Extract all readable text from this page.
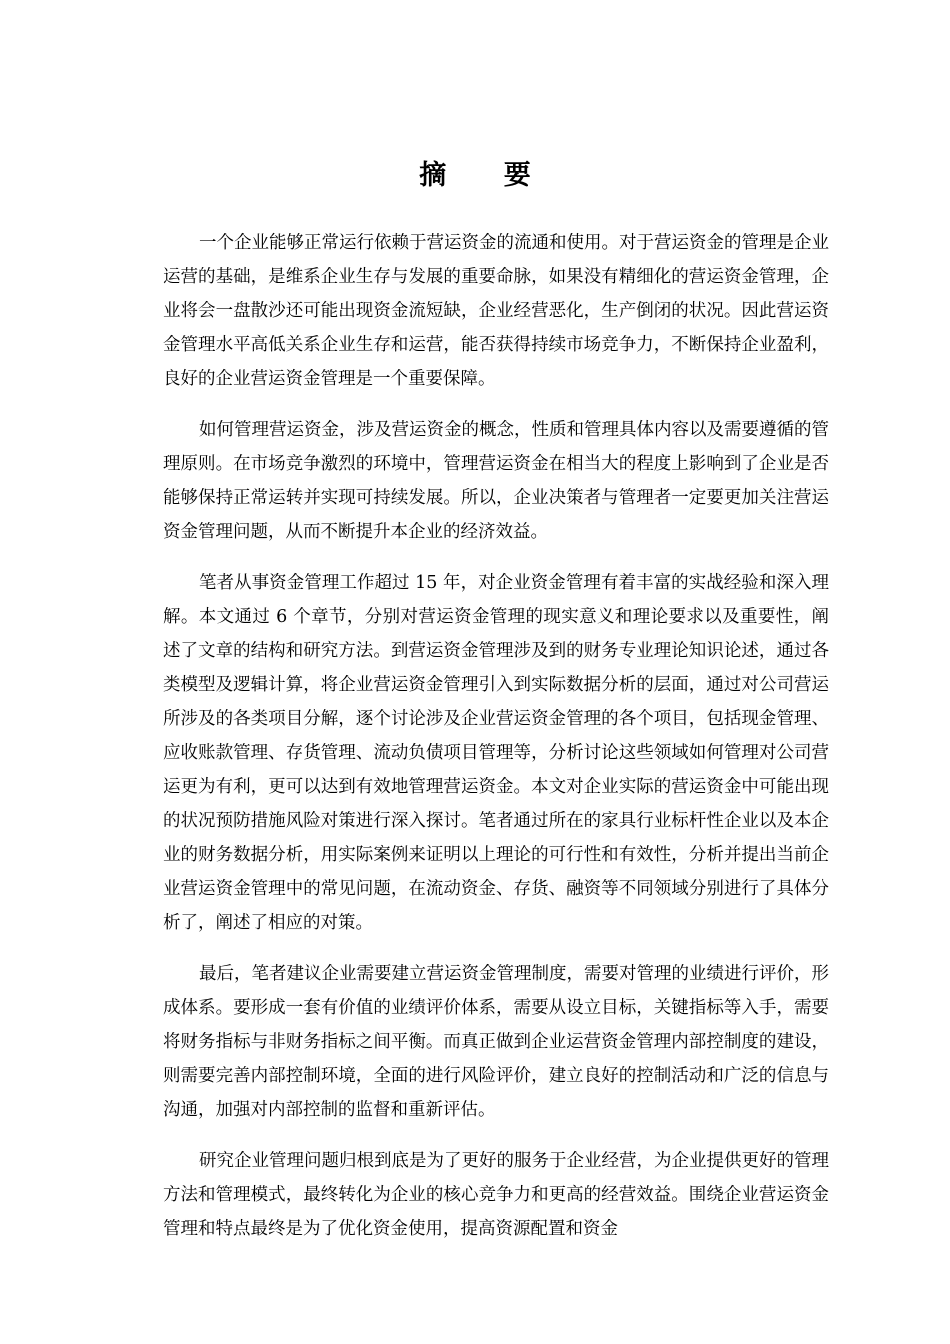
摘 要

一个企业能够正常运行依赖于营运资金的流通和使用。对于营运资金的管理是企业运营的基础，是维系企业生存与发展的重要命脉，如果没有精细化的营运资金管理，企业将会一盘散沙还可能出现资金流短缺，企业经营恶化，生产倒闭的状况。因此营运资金管理水平高低关系企业生存和运营，能否获得持续市场竞争力，不断保持企业盈利，良好的企业营运资金管理是一个重要保障。

如何管理营运资金，涉及营运资金的概念，性质和管理具体内容以及需要遵循的管理原则。在市场竞争激烈的环境中，管理营运资金在相当大的程度上影响到了企业是否能够保持正常运转并实现可持续发展。所以，企业决策者与管理者一定要更加关注营运资金管理问题，从而不断提升本企业的经济效益。

笔者从事资金管理工作超过 15 年，对企业资金管理有着丰富的实战经验和深入理解。本文通过 6 个章节，分别对营运资金管理的现实意义和理论要求以及重要性，阐述了文章的结构和研究方法。到营运资金管理涉及到的财务专业理论知识论述，通过各类模型及逻辑计算，将企业营运资金管理引入到实际数据分析的层面，通过对公司营运所涉及的各类项目分解，逐个讨论涉及企业营运资金管理的各个项目，包括现金管理、应收账款管理、存货管理、流动负债项目管理等，分析讨论这些领域如何管理对公司营运更为有利，更可以达到有效地管理营运资金。本文对企业实际的营运资金中可能出现的状况预防措施风险对策进行深入探讨。笔者通过所在的家具行业标杆性企业以及本企业的财务数据分析，用实际案例来证明以上理论的可行性和有效性，分析并提出当前企业营运资金管理中的常见问题，在流动资金、存货、融资等不同领域分别进行了具体分析了，阐述了相应的对策。

最后，笔者建议企业需要建立营运资金管理制度，需要对管理的业绩进行评价，形成体系。要形成一套有价值的业绩评价体系，需要从设立目标，关键指标等入手，需要将财务指标与非财务指标之间平衡。而真正做到企业运营资金管理内部控制度的建设，则需要完善内部控制环境，全面的进行风险评价，建立良好的控制活动和广泛的信息与沟通，加强对内部控制的监督和重新评估。

研究企业管理问题归根到底是为了更好的服务于企业经营，为企业提供更好的管理方法和管理模式，最终转化为企业的核心竞争力和更高的经营效益。围绕企业营运资金管理和特点最终是为了优化资金使用，提高资源配置和资金
